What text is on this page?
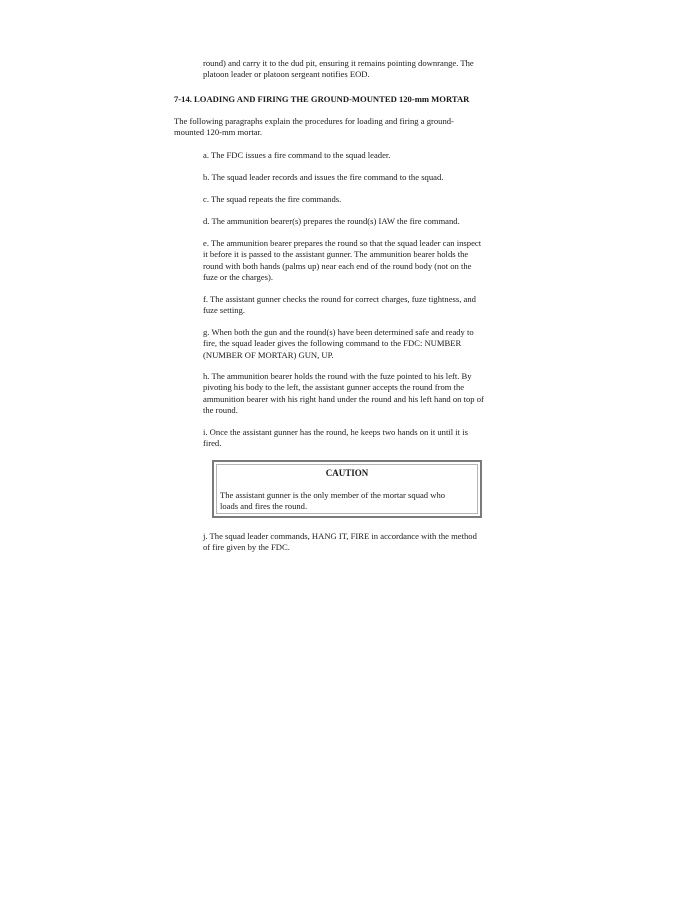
round) and carry it to the dud pit, ensuring it remains pointing downrange. The
platoon leader or platoon sergeant notifies EOD.

7-14. LOADING AND FIRING THE GROUND-MOUNTED 120-mm MORTAR

The following paragraphs explain the procedures for loading and firing a ground-
mounted 120-mm mortar.

a. The FDC issues a fire command to the squad leader.

b. The squad leader records and issues the fire command to the squad.

c. The squad repeats the fire commands.

d. The ammunition bearer(s) prepares the round(s) IAW the fire command.

e. The ammunition bearer prepares the round so that the squad leader can inspect
it before it is passed to the assistant gunner. The ammunition bearer holds the
round with both hands (palms up) near each end of the round body (not on the
fuze or the charges).

f. The assistant gunner checks the round for correct charges, fuze tightness, and
fuze setting.

g. When both the gun and the round(s) have been determined safe and ready to
fire, the squad leader gives the following command to the FDC: NUMBER
(NUMBER OF MORTAR) GUN, UP.

h. The ammunition bearer holds the round with the fuze pointed to his left. By
pivoting his body to the left, the assistant gunner accepts the round from the
ammunition bearer with his right hand under the round and his left hand on top of
the round.

i. Once the assistant gunner has the round, he keeps two hands on it until it is
fired.

CAUTION

The assistant gunner is the only member of the mortar squad who
loads and fires the round.

j. The squad leader commands, HANG IT, FIRE in accordance with the method
of fire given by the FDC.
